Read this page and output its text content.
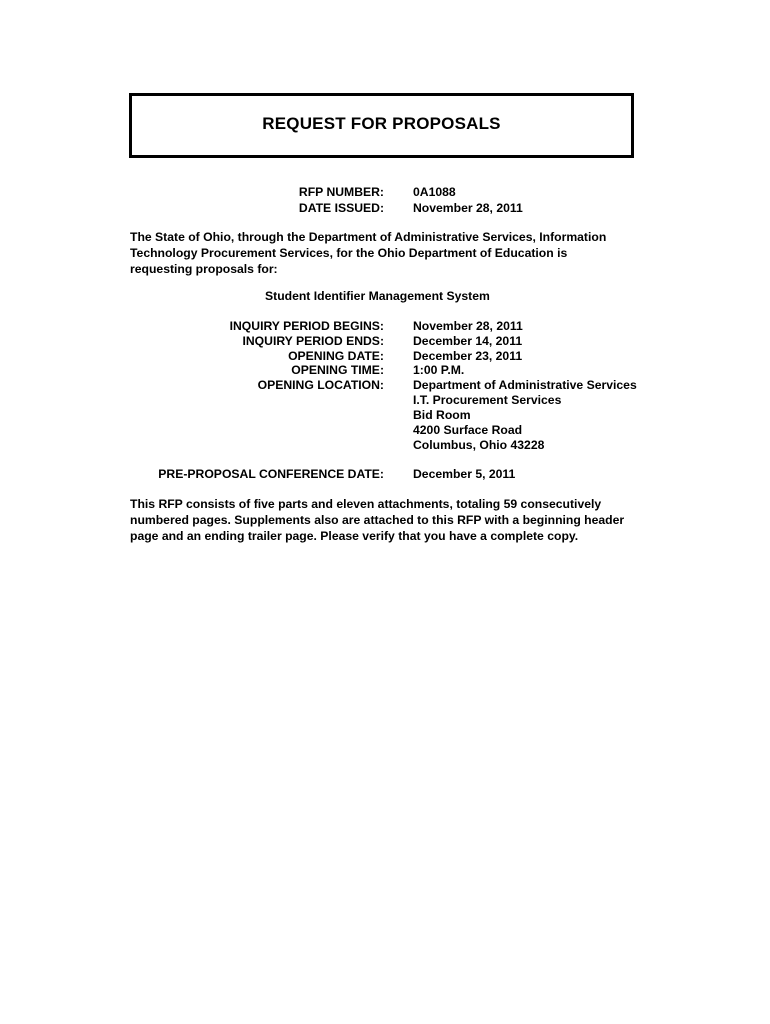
REQUEST FOR PROPOSALS
RFP NUMBER: 0A1088
DATE ISSUED: November 28, 2011
The State of Ohio, through the Department of Administrative Services, Information Technology Procurement Services, for the Ohio Department of Education is requesting proposals for:
Student Identifier Management System
INQUIRY PERIOD BEGINS: November 28, 2011
INQUIRY PERIOD ENDS: December 14, 2011
OPENING DATE: December 23, 2011
OPENING TIME: 1:00 P.M.
OPENING LOCATION: Department of Administrative Services
I.T. Procurement Services
Bid Room
4200 Surface Road
Columbus, Ohio 43228
PRE-PROPOSAL CONFERENCE DATE: December 5, 2011
This RFP consists of five parts and eleven attachments, totaling 59 consecutively numbered pages. Supplements also are attached to this RFP with a beginning header page and an ending trailer page. Please verify that you have a complete copy.
